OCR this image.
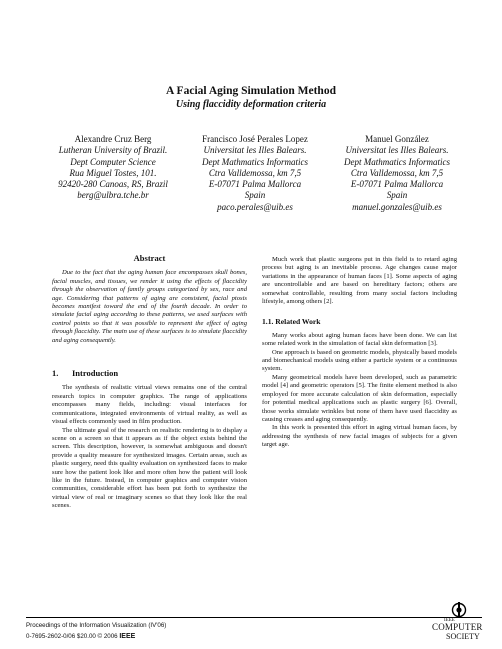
A Facial Aging Simulation Method
Using flaccidity deformation criteria
Alexandre Cruz Berg
Lutheran University of Brazil.
Dept Computer Science
Rua Miguel Tostes, 101.
92420-280 Canoas, RS, Brazil
berg@ulbra.tche.br
Francisco José Perales Lopez
Universitat les Illes Balears.
Dept Mathmatics Informatics
Ctra Valldemossa, km 7,5
E-07071 Palma Mallorca
Spain
paco.perales@uib.es
Manuel González
Universitat les Illes Balears.
Dept Mathmatics Informatics
Ctra Valldemossa, km 7,5
E-07071 Palma Mallorca
Spain
manuel.gonzales@uib.es
Abstract

Due to the fact that the aging human face encompasses skull bones, facial muscles, and tissues, we render it using the effects of flaccidity through the observation of family groups categorized by sex, race and age. Considering that patterns of aging are consistent, facial ptosis becomes manifest toward the end of the fourth decade. In order to simulate facial aging according to these patterns, we used surfaces with control points so that it was possible to represent the effect of aging through flaccidity. The main use of these surfaces is to simulate flaccidity and aging consequently.

1. Introduction

The synthesis of realistic virtual views remains one of the central research topics in computer graphics. The range of applications encompasses many fields, including: visual interfaces for communications, integrated environments of virtual reality, as well as visual effects commonly used in film production.

The ultimate goal of the research on realistic rendering is to display a scene on a screen so that it appears as if the object exists behind the screen. This description, however, is somewhat ambiguous and doesn't provide a quality measure for synthesized images. Certain areas, such as plastic surgery, need this quality evaluation on synthesized faces to make sure how the patient look like and more often how the patient will look like in the future. Instead, in computer graphics and computer vision communities, considerable effort has been put forth to synthesize the virtual view of real or imaginary scenes so that they look like the real scenes.

Much work that plastic surgeons put in this field is to retard aging process but aging is an inevitable process. Age changes cause major variations in the appearance of human faces [1]. Some aspects of aging are uncontrollable and are based on hereditary factors; others are somewhat controllable, resulting from many social factors including lifestyle, among others [2].

1.1. Related Work

Many works about aging human faces have been done. We can list some related work in the simulation of facial skin deformation [3].

One approach is based on geometric models, physically based models and biomechanical models using either a particle system or a continuous system.

Many geometrical models have been developed, such as parametric model [4] and geometric operators [5]. The finite element method is also employed for more accurate calculation of skin deformation, especially for potential medical applications such as plastic surgery [6]. Overall, those works simulate wrinkles but none of them have used flaccidity as causing creases and aging consequently.

In this work is presented this effort in aging virtual human faces, by addressing the synthesis of new facial images of subjects for a given target age.

Proceedings of the Information Visualization (IV'06)
0-7695-2602-0/06 $20.00 © 2006 IEEE
IEEE
COMPUTER
SOCIETY
